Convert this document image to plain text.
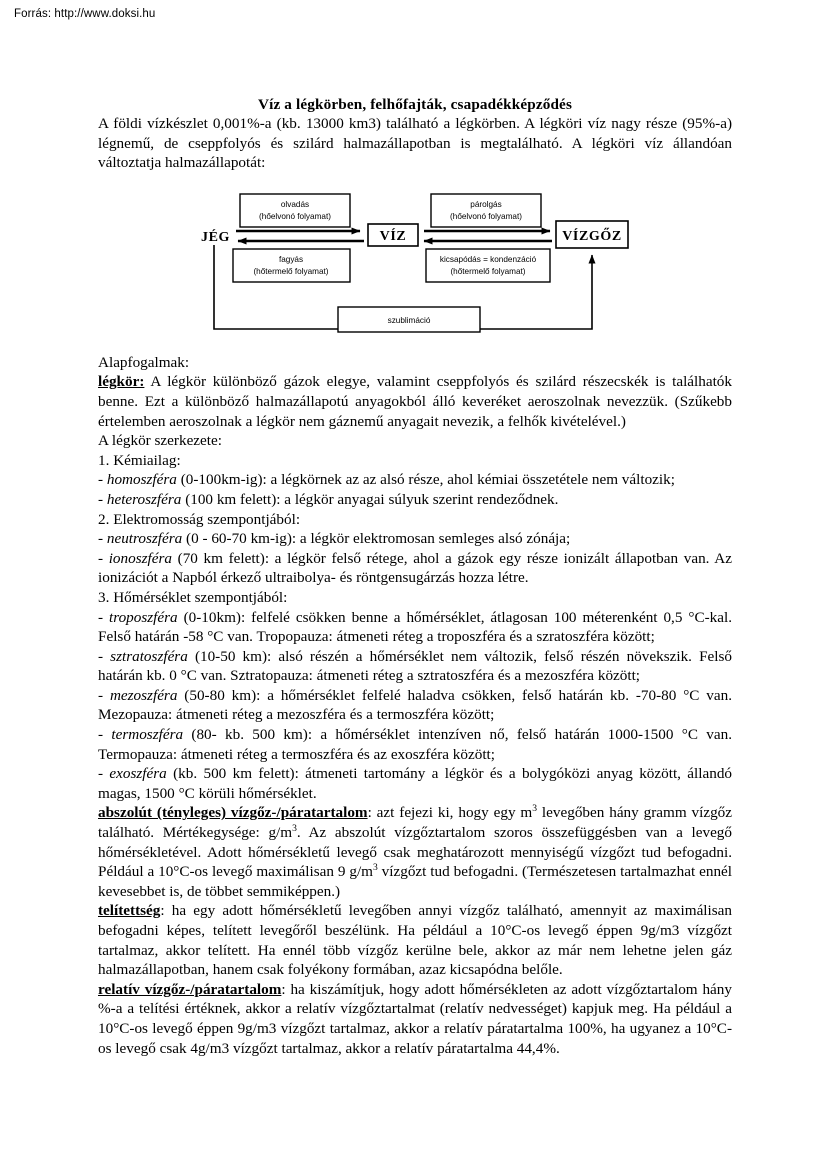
Forrás: http://www.doksi.hu
Víz a légkörben, felhőfajták, csapadékképződés

A földi vízkészlet 0,001%-a (kb. 13000 km3) található a légkörben. A légköri víz nagy része (95%-a) légnemű, de cseppfolyós és szilárd halmazállapotban is megtalálható. A légköri víz állandóan változtatja halmazállapotát:

olvadás
(hőelvonó folyamat)
párolgás
(hőelvonó folyamat)
fagyás
(hőtermelő folyamat)
kicsapódás = kondenzáció
(hőtermelő folyamat)
JÉG	VÍZ	VÍZGŐZ
szublimáció
Alapfogalmak:

légkör: A légkör különböző gázok elegye, valamint cseppfolyós és szilárd részecskék is találhatók benne. Ezt a különböző halmazállapotú anyagokból álló keveréket aeroszolnak nevezzük. (Szűkebb értelemben aeroszolnak a légkör nem gáznemű anyagait nevezik, a felhők kivételével.)

A légkör szerkezete:
1. Kémiailag:

- homoszféra (0-100km-ig): a légkörnek az az alsó része, ahol kémiai összetétele nem változik;

- heteroszféra (100 km felett): a légkör anyagai súlyuk szerint rendeződnek.

2. Elektromosság szempontjából:

- neutroszféra (0 - 60-70 km-ig): a légkör elektromosan semleges alsó zónája;

- ionoszféra (70 km felett): a légkör felső rétege, ahol a gázok egy része ionizált állapotban van. Az ionizációt a Napból érkező ultraibolya- és röntgensugárzás hozza létre.

3. Hőmérséklet szempontjából:

- troposzféra (0-10km): felfelé csökken benne a hőmérséklet, átlagosan 100 méterenként 0,5 °C-kal. Felső határán -58 °C van. Tropopauza: átmeneti réteg a troposzféra és a szratoszféra között;

- sztratoszféra (10-50 km): alsó részén a hőmérséklet nem változik, felső részén növekszik. Felső határán kb. 0 °C van. Sztratopauza: átmeneti réteg a sztratoszféra és a mezoszféra között;

- mezoszféra (50-80 km): a hőmérséklet felfelé haladva csökken, felső határán kb. -70-80 °C van. Mezopauza: átmeneti réteg a mezoszféra és a termoszféra között;

- termoszféra (80- kb. 500 km): a hőmérséklet intenzíven nő, felső határán 1000-1500 °C van. Termopauza: átmeneti réteg a termoszféra és az exoszféra között;

- exoszféra (kb. 500 km felett): átmeneti tartomány a légkör és a bolygóközi anyag között, állandó magas, 1500 °C körüli hőmérséklet.

abszolút (tényleges) vízgőz-/páratartalom: azt fejezi ki, hogy egy $m^3$ levegőben hány gramm vízgőz található. Mértékegysége: $g/m^3$. Az abszolút vízgőztartalom szoros összefüggésben van a levegő hőmérsékletével. Adott hőmérsékletű levegő csak meghatározott mennyiségű vízgőzt tud befogadni. Például a 10°C-os levegő maximálisan 9 $g/m^3$ vízgőzt tud befogadni. (Természetesen tartalmazhat ennél kevesebbet is, de többet semmiképpen.)

telítettség: ha egy adott hőmérsékletű levegőben annyi vízgőz található, amennyit az maximálisan befogadni képes, telített levegőről beszélünk. Ha például a 10°C-os levegő éppen 9g/m3 vízgőzt tartalmaz, akkor telített. Ha ennél több vízgőz kerülne bele, akkor az már nem lehetne jelen gáz halmazállapotban, hanem csak folyékony formában, azaz kicsapódna belőle.

relatív vízgőz-/páratartalom: ha kiszámítjuk, hogy adott hőmérsékleten az adott vízgőztartalom hány %-a a telítési értéknek, akkor a relatív vízgőztartalmat (relatív nedvességet) kapjuk meg. Ha például a 10°C-os levegő éppen 9g/m3 vízgőzt tartalmaz, akkor a relatív páratartalma 100%, ha ugyanez a 10°C-os levegő csak 4g/m3 vízgőzt tartalmaz, akkor a relatív páratartalma 44,4%.
